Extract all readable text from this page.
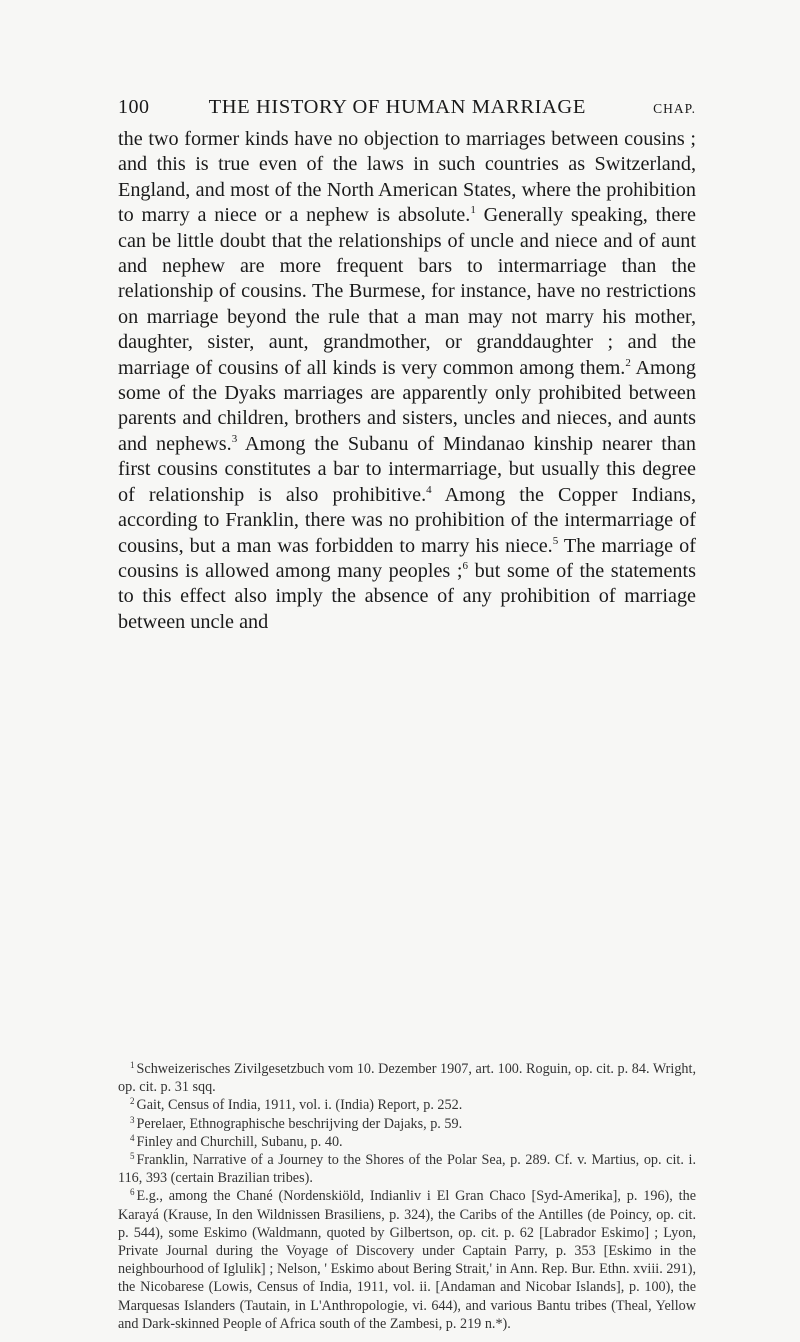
100	THE HISTORY OF HUMAN MARRIAGE	CHAP.

the two former kinds have no objection to marriages between cousins ; and this is true even of the laws in such countries as Switzerland, England, and most of the North American States, where the prohibition to marry a niece or a nephew is absolute.$^1$ Generally speaking, there can be little doubt that the relationships of uncle and niece and of aunt and nephew are more frequent bars to intermarriage than the relationship of cousins. The Burmese, for instance, have no restrictions on marriage beyond the rule that a man may not marry his mother, daughter, sister, aunt, grandmother, or granddaughter ; and the marriage of cousins of all kinds is very common among them.$^2$ Among some of the Dyaks marriages are apparently only prohibited between parents and children, brothers and sisters, uncles and nieces, and aunts and nephews.$^3$ Among the Subanu of Mindanao kinship nearer than first cousins constitutes a bar to intermarriage, but usually this degree of relationship is also prohibitive.$^4$ Among the Copper Indians, according to Franklin, there was no prohibition of the intermarriage of cousins, but a man was forbidden to marry his niece.$^5$ The marriage of cousins is allowed among many peoples ;$^6$ but some of the statements to this effect also imply the absence of any prohibition of marriage between uncle and

$^1$ Schweizerisches Zivilgesetzbuch vom 10. Dezember 1907, art. 100. Roguin, op. cit. p. 84. Wright, op. cit. p. 31 sqq.

$^2$ Gait, Census of India, 1911, vol. i. (India) Report, p. 252.

$^3$ Perelaer, Ethnographische beschrijving der Dajaks, p. 59.

$^4$ Finley and Churchill, Subanu, p. 40.

$^5$ Franklin, Narrative of a Journey to the Shores of the Polar Sea, p. 289. Cf. v. Martius, op. cit. i. 116, 393 (certain Brazilian tribes).

$^6$ E.g., among the Chané (Nordenskiöld, Indianliv i El Gran Chaco [Syd-Amerika], p. 196), the Karayá (Krause, In den Wildnissen Brasiliens, p. 324), the Caribs of the Antilles (de Poincy, op. cit. p. 544), some Eskimo (Waldmann, quoted by Gilbertson, op. cit. p. 62 [Labrador Eskimo] ; Lyon, Private Journal during the Voyage of Discovery under Captain Parry, p. 353 [Eskimo in the neighbourhood of Iglulik] ; Nelson, ' Eskimo about Bering Strait,' in Ann. Rep. Bur. Ethn. xviii. 291), the Nicobarese (Lowis, Census of India, 1911, vol. ii. [Andaman and Nicobar Islands], p. 100), the Marquesas Islanders (Tautain, in L'Anthropologie, vi. 644), and various Bantu tribes (Theal, Yellow and Dark-skinned People of Africa south of the Zambesi, p. 219 n.*).
